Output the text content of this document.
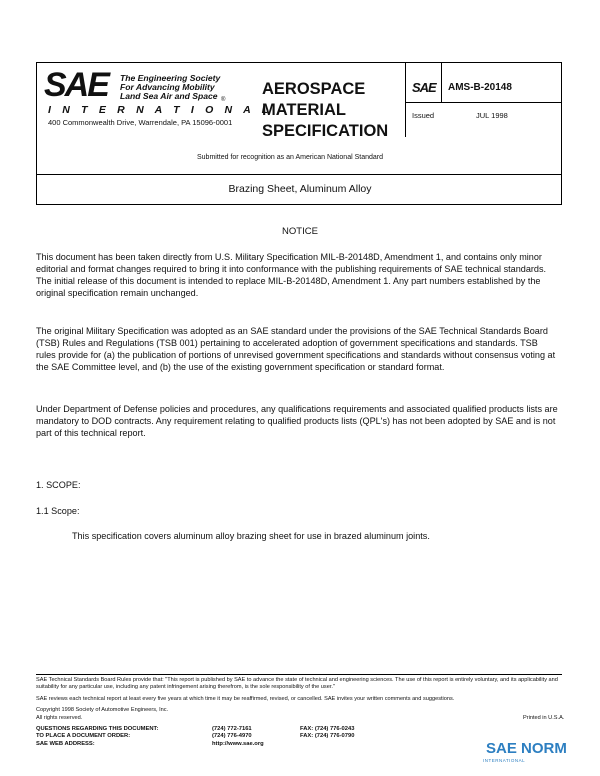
SAE The Engineering Society
For Advancing Mobility
Land Sea Air and Space ®
I N T E R N A T I O N A L
400 Commonwealth Drive, Warrendale, PA 15096-0001
AEROSPACE
MATERIAL
SPECIFICATION
SAE AMS-B-20148
Issued	JUL 1998
Submitted for recognition as an American National Standard
Brazing Sheet, Aluminum Alloy
NOTICE
This document has been taken directly from U.S. Military Specification MIL-B-20148D, Amendment 1, and contains only minor editorial and format changes required to bring it into conformance with the publishing requirements of SAE technical standards. The initial release of this document is intended to replace MIL-B-20148D, Amendment 1. Any part numbers established by the original specification remain unchanged.
The original Military Specification was adopted as an SAE standard under the provisions of the SAE Technical Standards Board (TSB) Rules and Regulations (TSB 001) pertaining to accelerated adoption of government specifications and standards. TSB rules provide for (a) the publication of portions of unrevised government specifications and standards without consensus voting at the SAE Committee level, and (b) the use of the existing government specification or standard format.
Under Department of Defense policies and procedures, any qualifications requirements and associated qualified products lists are mandatory to DOD contracts. Any requirement relating to qualified products lists (QPL's) has not been adopted by SAE and is not part of this technical report.
1. SCOPE:
1.1 Scope:
This specification covers aluminum alloy brazing sheet for use in brazed aluminum joints.
SAE Technical Standards Board Rules provide that: "This report is published by SAE to advance the state of technical and engineering sciences. The use of this report is entirely voluntary, and its applicability and suitability for any particular use, including any patent infringement arising therefrom, is the sole responsibility of the user."
SAE reviews each technical report at least every five years at which time it may be reaffirmed, revised, or cancelled. SAE invites your written comments and suggestions.
Copyright 1998 Society of Automotive Engineers, Inc.
All rights reserved.	Printed in U.S.A.
QUESTIONS REGARDING THIS DOCUMENT:	(724) 772-7161	FAX: (724) 776-0243
TO PLACE A DOCUMENT ORDER:	(724) 776-4970	FAX: (724) 776-0790
SAE WEB ADDRESS:	http://www.sae.org	SAE NORM
INTERNATIONAL
